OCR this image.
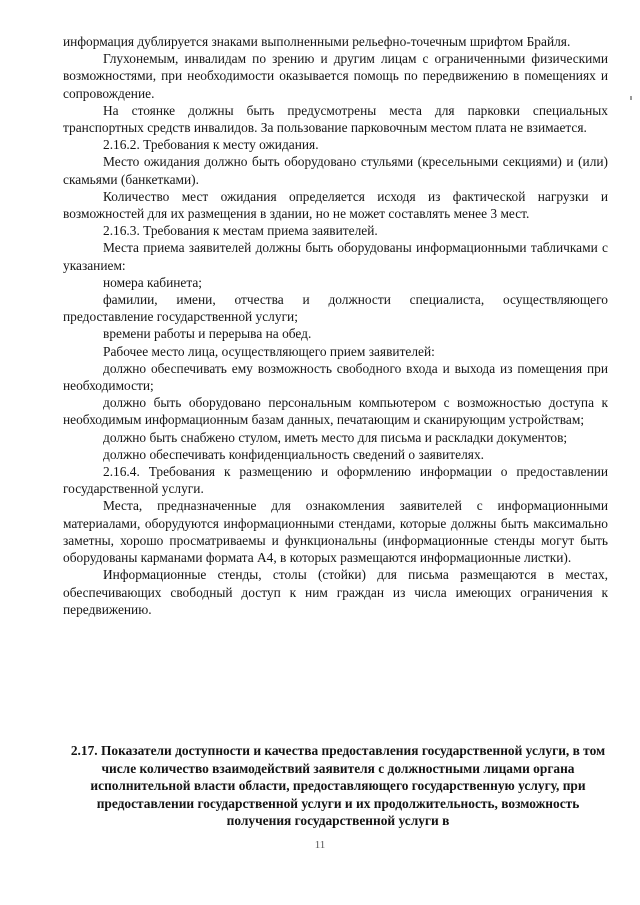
информация дублируется знаками выполненными рельефно-точечным шрифтом Брайля.

Глухонемым, инвалидам по зрению и другим лицам с ограниченными физическими возможностями, при необходимости оказывается помощь по передвижению в помещениях и сопровождение.

На стоянке должны быть предусмотрены места для парковки специальных транспортных средств инвалидов. За пользование парковочным местом плата не взимается.

2.16.2. Требования к месту ожидания.

Место ожидания должно быть оборудовано стульями (кресельными секциями) и (или) скамьями (банкетками).

Количество мест ожидания определяется исходя из фактической нагрузки и возможностей для их размещения в здании, но не может составлять менее 3 мест.

2.16.3. Требования к местам приема заявителей.

Места приема заявителей должны быть оборудованы информационными табличками с указанием:

номера кабинета;

фамилии, имени, отчества и должности специалиста, осуществляющего предоставление государственной услуги;

времени работы и перерыва на обед.

Рабочее место лица, осуществляющего прием заявителей:

должно обеспечивать ему возможность свободного входа и выхода из помещения при необходимости;

должно быть оборудовано персональным компьютером с возможностью доступа к необходимым информационным базам данных, печатающим и сканирующим устройствам;

должно быть снабжено стулом, иметь место для письма и раскладки документов;

должно обеспечивать конфиденциальность сведений о заявителях.

2.16.4. Требования к размещению и оформлению информации о предоставлении государственной услуги.

Места, предназначенные для ознакомления заявителей с информационными материалами, оборудуются информационными стендами, которые должны быть максимально заметны, хорошо просматриваемы и функциональны (информационные стенды могут быть оборудованы карманами формата А4, в которых размещаются информационные листки).

Информационные стенды, столы (стойки) для письма размещаются в местах, обеспечивающих свободный доступ к ним граждан из числа имеющих ограничения к передвижению.

2.17. Показатели доступности и качества предоставления государственной услуги, в том числе количество взаимодействий заявителя с должностными лицами органа исполнительной власти области, предоставляющего государственную услугу, при предоставлении государственной услуги и их продолжительность, возможность получения государственной услуги в

11
